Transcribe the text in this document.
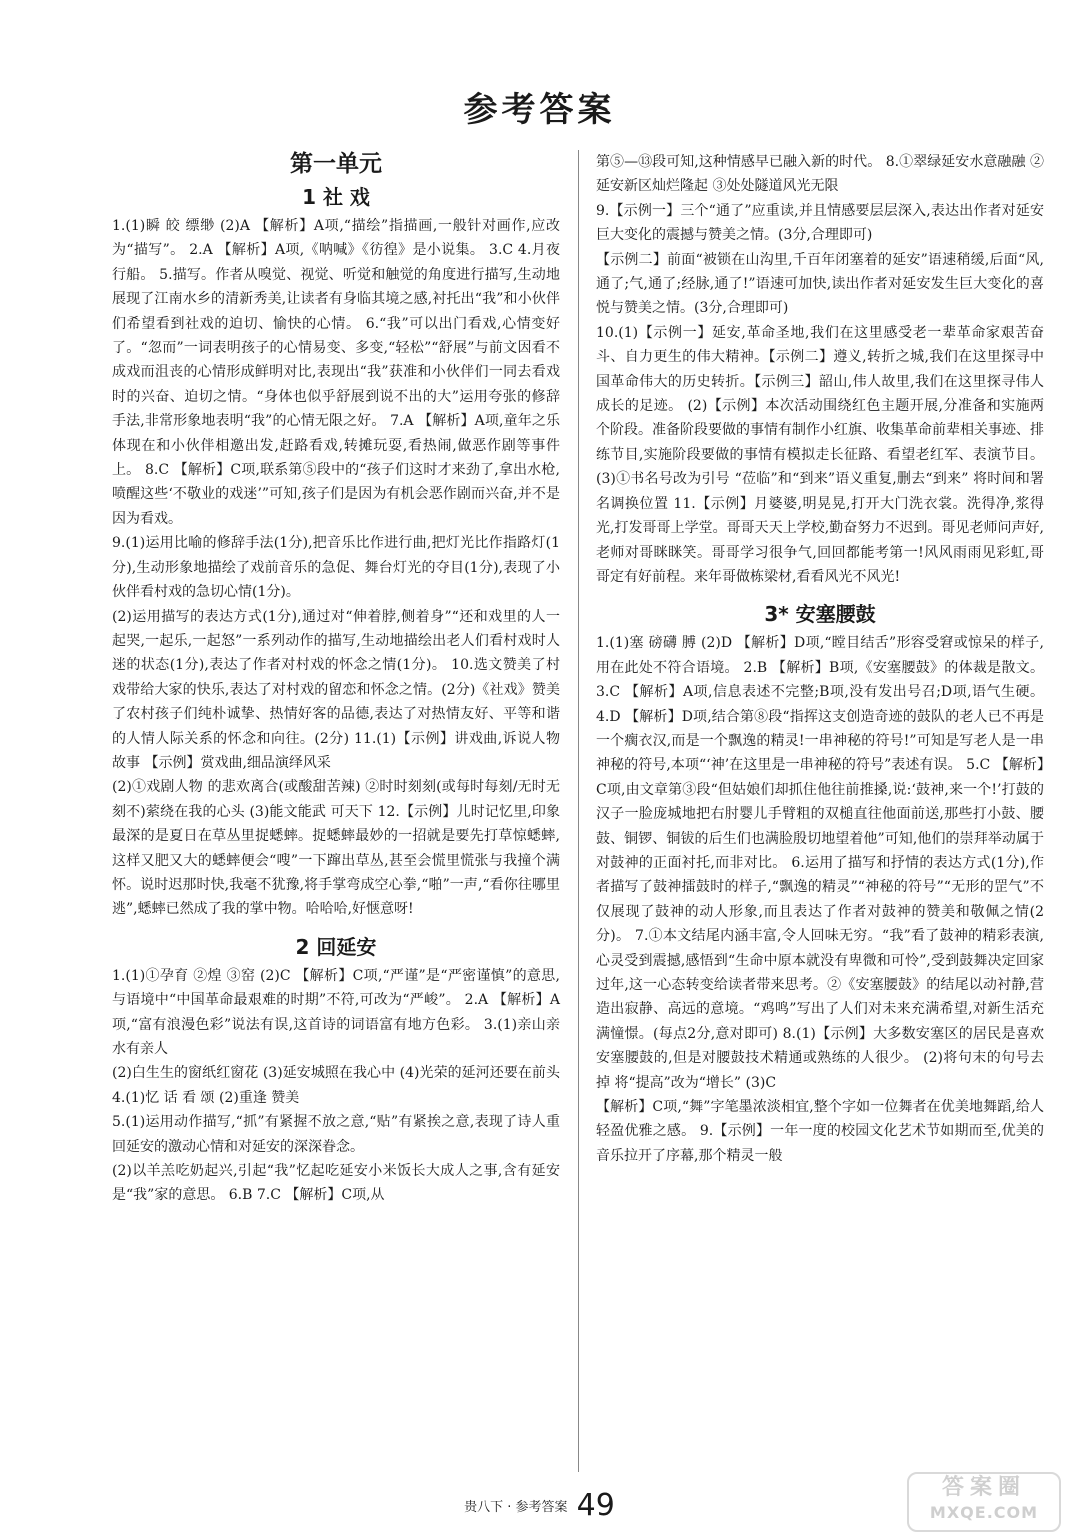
参考答案
第一单元
1 社 戏
1.(1)瞬 皎 缥缈 (2)A 【解析】A项,“描绘”指描画,一般针对画作,应改为“描写”。 2.A 【解析】A项,《呐喊》《彷徨》是小说集。 3.C 4.月夜行船。 5.描写。作者从嗅觉、视觉、听觉和触觉的角度进行描写,生动地展现了江南水乡的清新秀美,让读者有身临其境之感,衬托出“我”和小伙伴们希望看到社戏的迫切、愉快的心情。 6.“我”可以出门看戏,心情变好了。“忽而”一词表明孩子的心情易变、多变,“轻松”“舒展”与前文因看不成戏而沮丧的心情形成鲜明对比,表现出“我”获准和小伙伴们一同去看戏时的兴奋、迫切之情。“身体也似乎舒展到说不出的大”运用夸张的修辞手法,非常形象地表明“我”的心情无限之好。 7.A 【解析】A项,童年之乐体现在和小伙伴相邀出发,赶路看戏,转摊玩耍,看热闹,做恶作剧等事件上。 8.C 【解析】C项,联系第⑤段中的“孩子们这时才来劲了,拿出水枪,喷醒这些‘不敬业的戏迷’”可知,孩子们是因为有机会恶作剧而兴奋,并不是因为看戏。
9.(1)运用比喻的修辞手法(1分),把音乐比作进行曲,把灯光比作指路灯(1分),生动形象地描绘了戏前音乐的急促、舞台灯光的夺目(1分),表现了小伙伴看村戏的急切心情(1分)。
(2)运用描写的表达方式(1分),通过对“伸着脖,侧着身”“还和戏里的人一起哭,一起乐,一起怒”一系列动作的描写,生动地描绘出老人们看村戏时人迷的状态(1分),表达了作者对村戏的怀念之情(1分)。 10.选文赞美了村戏带给大家的快乐,表达了对村戏的留恋和怀念之情。(2分)《社戏》赞美了农村孩子们纯朴诚挚、热情好客的品德,表达了对热情友好、平等和谐的人情人际关系的怀念和向往。(2分) 11.(1)【示例】讲戏曲,诉说人物故事 【示例】赏戏曲,细品演绎风采
(2)①戏剧人物 的悲欢离合(或酸甜苦辣) ②时时刻刻(或每时每刻/无时无刻不)萦绕在我的心头 (3)能文能武 可天下 12.【示例】儿时记忆里,印象最深的是夏日在草丛里捉蟋蟀。捉蟋蟀最妙的一招就是要先打草惊蟋蟀,这样又肥又大的蟋蟀便会“嗖”一下蹿出草丛,甚至会慌里慌张与我撞个满怀。说时迟那时快,我毫不犹豫,将手掌弯成空心拳,“啪”一声,“看你往哪里逃”,蟋蟀已然成了我的掌中物。哈哈哈,好惬意呀!
2 回延安
1.(1)①孕育 ②煌 ③窑 (2)C 【解析】C项,“严谨”是“严密谨慎”的意思,与语境中“中国革命最艰难的时期”不符,可改为“严峻”。 2.A 【解析】A项,“富有浪漫色彩”说法有误,这首诗的词语富有地方色彩。 3.(1)亲山亲水有亲人
(2)白生生的窗纸红窗花 (3)延安城照在我心中 (4)光荣的延河还要在前头 4.(1)忆 话 看 颂 (2)重逢 赞美
5.(1)运用动作描写,“抓”有紧握不放之意,“贴”有紧挨之意,表现了诗人重回延安的激动心情和对延安的深深眷念。
(2)以羊羔吃奶起兴,引起“我”忆起吃延安小米饭长大成人之事,含有延安是“我”家的意思。 6.B 7.C 【解析】C项,从
第⑤—⑬段可知,这种情感早已融入新的时代。 8.①翠绿延安水意融融 ②延安新区灿烂隆起 ③处处隧道风光无限
9.【示例一】三个“通了”应重读,并且情感要层层深入,表达出作者对延安巨大变化的震撼与赞美之情。(3分,合理即可)
【示例二】前面“被锁在山沟里,千百年闭塞着的延安”语速稍缓,后面“风,通了;气,通了;经脉,通了!”语速可加快,读出作者对延安发生巨大变化的喜悦与赞美之情。(3分,合理即可)
10.(1)【示例一】延安,革命圣地,我们在这里感受老一辈革命家艰苦奋斗、自力更生的伟大精神。【示例二】遵义,转折之城,我们在这里探寻中国革命伟大的历史转折。【示例三】韶山,伟人故里,我们在这里探寻伟人成长的足迹。 (2)【示例】本次活动围绕红色主题开展,分准备和实施两个阶段。准备阶段要做的事情有制作小红旗、收集革命前辈相关事迹、排练节目,实施阶段要做的事情有模拟走长征路、看望老红军、表演节目。 (3)①书名号改为引号 “莅临”和“到来”语义重复,删去“到来” 将时间和署名调换位置 11.【示例】月婆婆,明晃晃,打开大门洗衣裳。洗得净,浆得光,打发哥哥上学堂。哥哥天天上学校,勤奋努力不迟到。哥见老师问声好,老师对哥眯眯笑。哥哥学习很争气,回回都能考第一!风风雨雨见彩虹,哥哥定有好前程。来年哥做栋梁材,看看风光不风光!
3* 安塞腰鼓
1.(1)塞 磅礴 膊 (2)D 【解析】D项,“瞠目结舌”形容受窘或惊呆的样子,用在此处不符合语境。 2.B 【解析】B项,《安塞腰鼓》的体裁是散文。 3.C 【解析】A项,信息表述不完整;B项,没有发出号召;D项,语气生硬。 4.D 【解析】D项,结合第⑧段“指挥这支创造奇迹的鼓队的老人已不再是一个瘸衣汉,而是一个飘逸的精灵!一串神秘的符号!”可知是写老人是一串神秘的符号,本项“‘神’在这里是一串神秘的符号”表述有误。 5.C 【解析】C项,由文章第③段“但姑娘们却抓住他往前推搡,说:‘鼓神,来一个!’打鼓的汉子一脸庞城地把右肘婴儿手臂粗的双槌直往他面前送,那些打小鼓、腰鼓、铜锣、铜钹的后生们也满脸殷切地望着他”可知,他们的崇拜举动属于对鼓神的正面衬托,而非对比。 6.运用了描写和抒情的表达方式(1分),作者描写了鼓神擂鼓时的样子,“飘逸的精灵”“神秘的符号”“无形的罡气”不仅展现了鼓神的动人形象,而且表达了作者对鼓神的赞美和敬佩之情(2分)。 7.①本文结尾内涵丰富,令人回味无穷。“我”看了鼓神的精彩表演,心灵受到震撼,感悟到“生命中原本就没有卑微和可怜”,受到鼓舞决定回家过年,这一心态转变给读者带来思考。②《安塞腰鼓》的结尾以动衬静,营造出寂静、高远的意境。“鸡鸣”写出了人们对未来充满希望,对新生活充满憧憬。(每点2分,意对即可) 8.(1)【示例】大多数安塞区的居民是喜欢安塞腰鼓的,但是对腰鼓技术精通或熟练的人很少。 (2)将句末的句号去掉 将“提高”改为“增长” (3)C
【解析】C项,“舞”字笔墨浓淡相宜,整个字如一位舞者在优美地舞蹈,给人轻盈优雅之感。 9.【示例】一年一度的校园文化艺术节如期而至,优美的音乐拉开了序幕,那个精灵一般
贵八下 · 参考答案 49
答案圈
MXQE.COM
